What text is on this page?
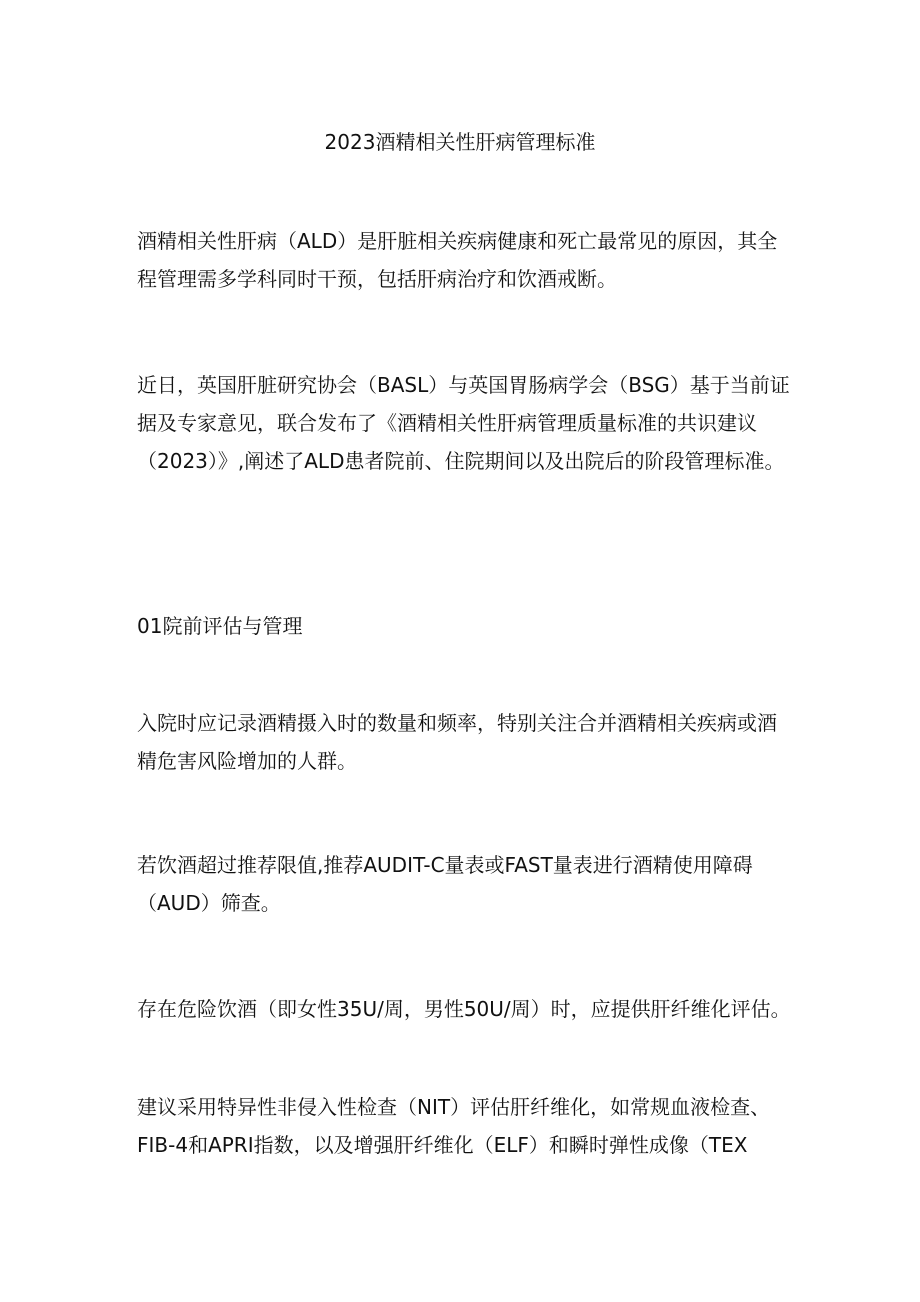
2023酒精相关性肝病管理标准

酒精相关性肝病（ALD）是肝脏相关疾病健康和死亡最常见的原因，其全
程管理需多学科同时干预，包括肝病治疗和饮酒戒断。

近日，英国肝脏研究协会（BASL）与英国胃肠病学会（BSG）基于当前证
据及专家意见，联合发布了《酒精相关性肝病管理质量标准的共识建议
（2023）》,阐述了ALD患者院前、住院期间以及出院后的阶段管理标准。

01院前评估与管理

入院时应记录酒精摄入时的数量和频率，特别关注合并酒精相关疾病或酒
精危害风险增加的人群。

若饮酒超过推荐限值,推荐AUDIT-C量表或FAST量表进行酒精使用障碍
（AUD）筛查。

存在危险饮酒（即女性35U/周，男性50U/周）时，应提供肝纤维化评估。

建议采用特异性非侵入性检查（NIT）评估肝纤维化，如常规血液检查、
FIB-4和APRI指数，以及增强肝纤维化（ELF）和瞬时弹性成像（TEX
